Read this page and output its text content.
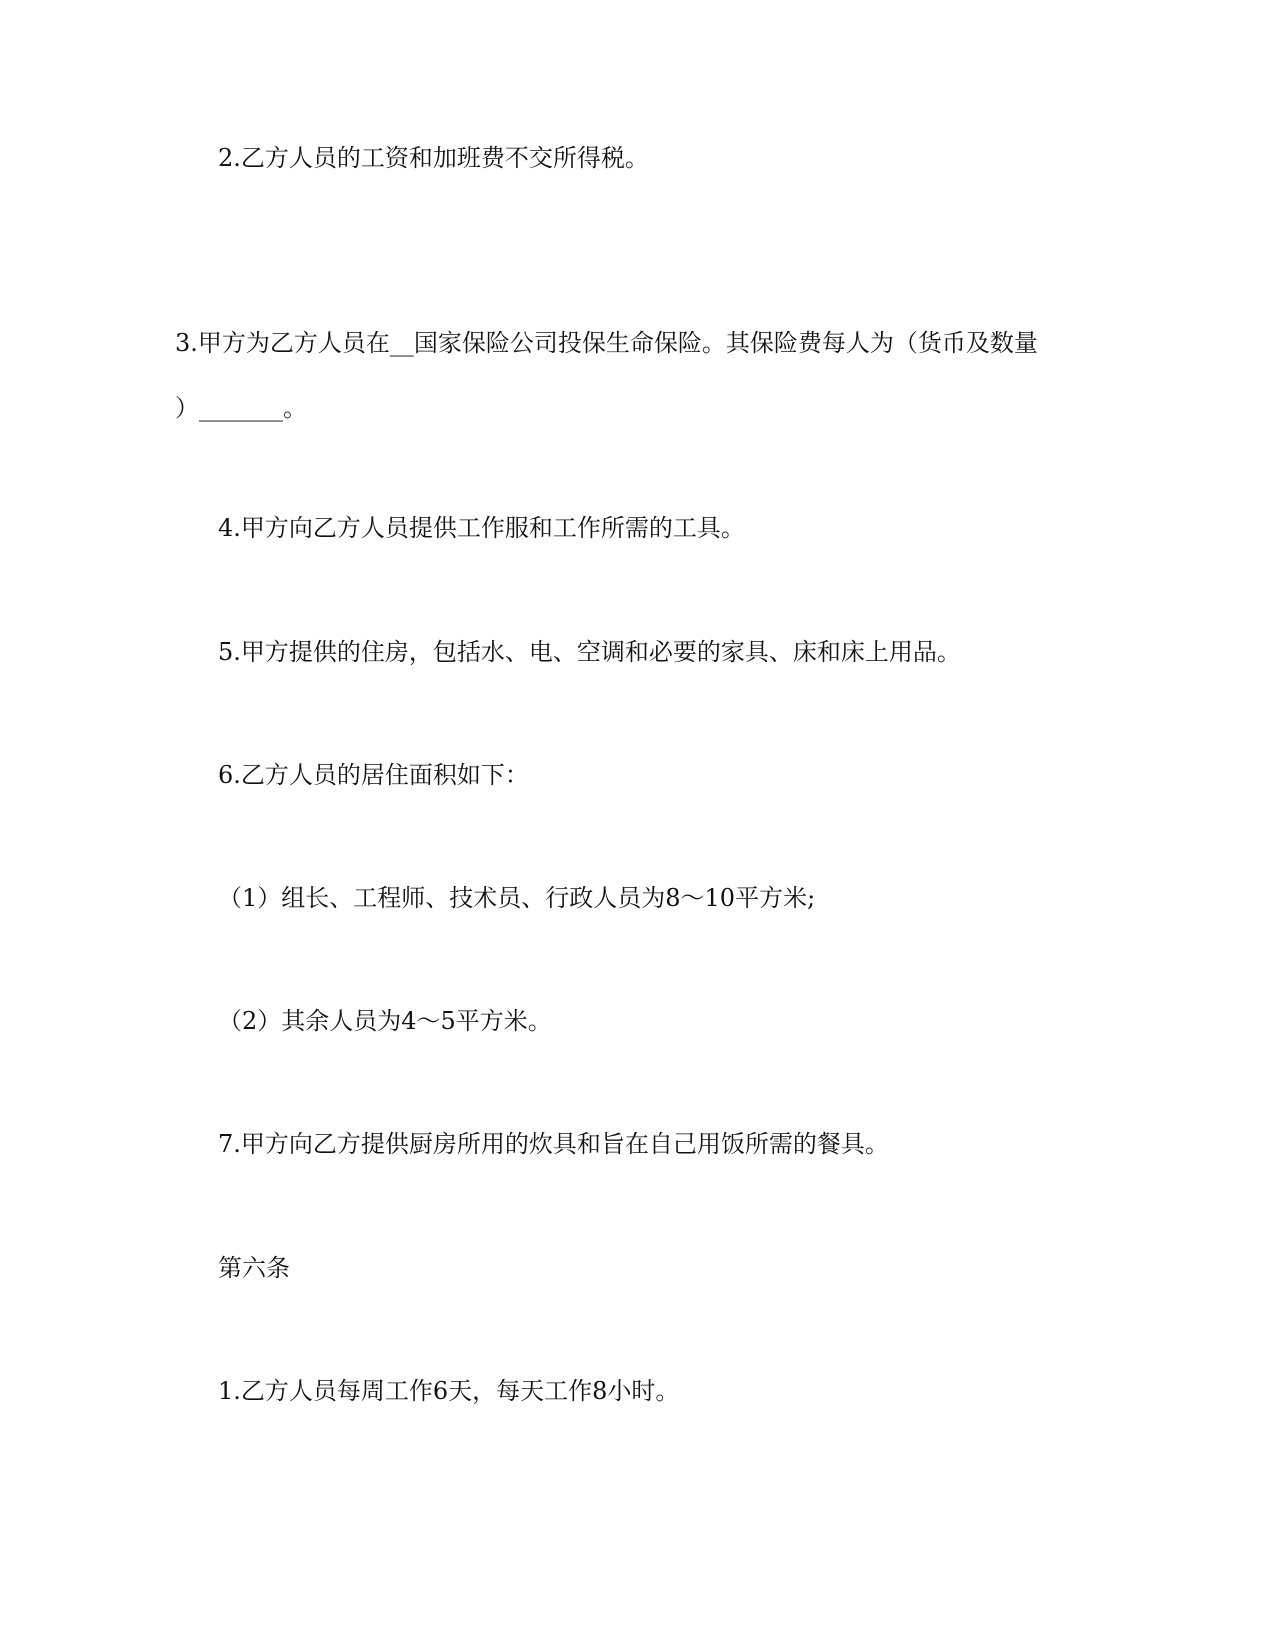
2.乙方人员的工资和加班费不交所得税。
3.甲方为乙方人员在__国家保险公司投保生命保险。其保险费每人为（货币及数量
）_______。
4.甲方向乙方人员提供工作服和工作所需的工具。
5.甲方提供的住房，包括水、电、空调和必要的家具、床和床上用品。
6.乙方人员的居住面积如下：
（1）组长、工程师、技术员、行政人员为8～10平方米;
（2）其余人员为4～5平方米。
7.甲方向乙方提供厨房所用的炊具和旨在自己用饭所需的餐具。
第六条
1.乙方人员每周工作6天，每天工作8小时。
